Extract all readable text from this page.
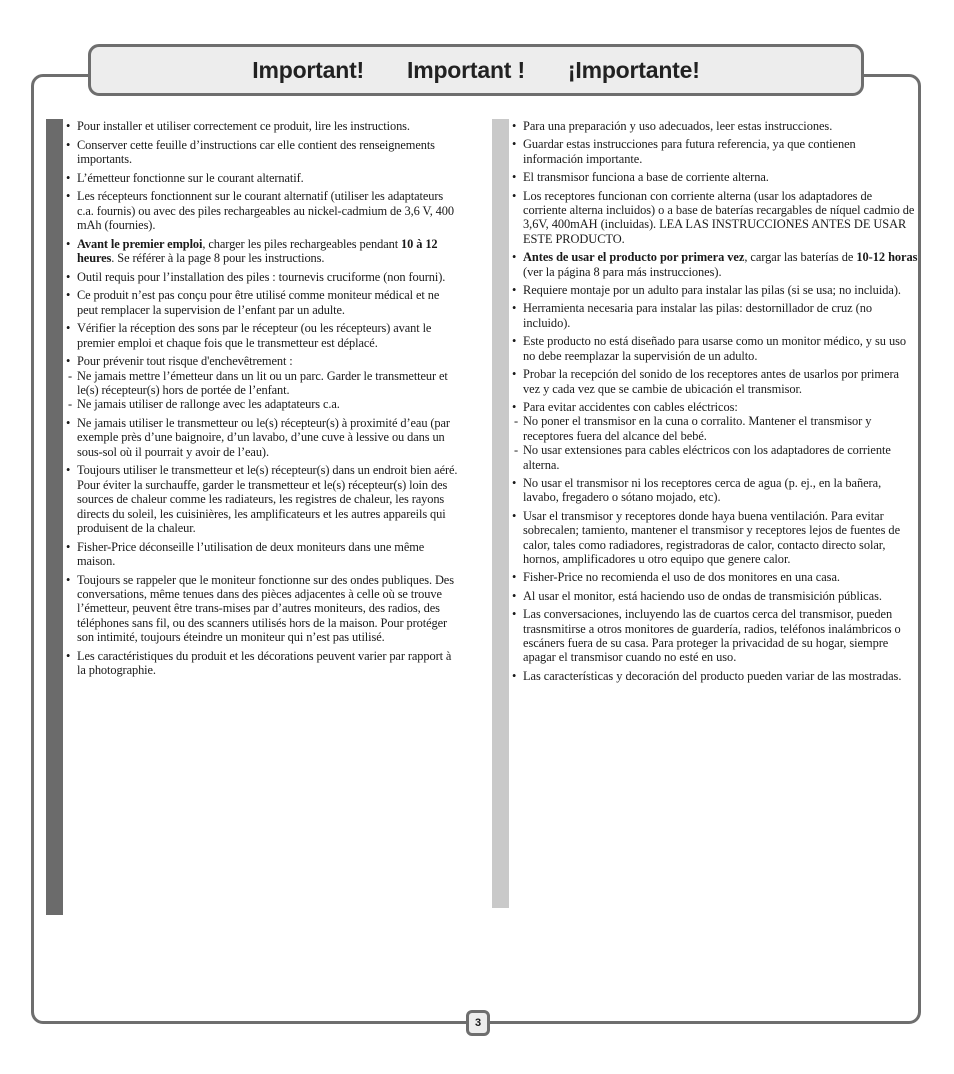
Important! Important ! ¡Importante!
• Pour installer et utiliser correctement ce produit, lire les instructions.
• Conserver cette feuille d’instructions car elle contient des renseignements importants.
• L’émetteur fonctionne sur le courant alternatif.
• Les récepteurs fonctionnent sur le courant alternatif (utiliser les adaptateurs c.a. fournis) ou avec des piles rechargeables au nickel-cadmium de 3,6 V, 400 mAh (fournies).
• Avant le premier emploi, charger les piles rechargeables pendant 10 à 12 heures. Se référer à la page 8 pour les instructions.
• Outil requis pour l’installation des piles : tournevis cruciforme (non fourni).
• Ce produit n’est pas conçu pour être utilisé comme moniteur médical et ne peut remplacer la supervision de l’enfant par un adulte.
• Vérifier la réception des sons par le récepteur (ou les récepteurs) avant le premier emploi et chaque fois que le transmetteur est déplacé.
• Pour prévenir tout risque d'enchevêtrement :
- Ne jamais mettre l’émetteur dans un lit ou un parc. Garder le transmetteur et le(s) récepteur(s) hors de portée de l’enfant.
- Ne jamais utiliser de rallonge avec les adaptateurs c.a.
• Ne jamais utiliser le transmetteur ou le(s) récepteur(s) à proximité d’eau (par exemple près d’une baignoire, d’un lavabo, d’une cuve à lessive ou dans un sous-sol où il pourrait y avoir de l’eau).
• Toujours utiliser le transmetteur et le(s) récepteur(s) dans un endroit bien aéré. Pour éviter la surchauffe, garder le transmetteur et le(s) récepteur(s) loin des sources de chaleur comme les radiateurs, les registres de chaleur, les rayons directs du soleil, les cuisinières, les amplificateurs et les autres appareils qui produisent de la chaleur.
• Fisher-Price déconseille l’utilisation de deux moniteurs dans une même maison.
• Toujours se rappeler que le moniteur fonctionne sur des ondes publiques. Des conversations, même tenues dans des pièces adjacentes à celle où se trouve l’émetteur, peuvent être trans-mises par d’autres moniteurs, des radios, des téléphones sans fil, ou des scanners utilisés hors de la maison. Pour protéger son intimité, toujours éteindre un moniteur qui n’est pas utilisé.
• Les caractéristiques du produit et les décorations peuvent varier par rapport à la photographie.
• Para una preparación y uso adecuados, leer estas instrucciones.
• Guardar estas instrucciones para futura referencia, ya que contienen información importante.
• El transmisor funciona a base de corriente alterna.
• Los receptores funcionan con corriente alterna (usar los adaptadores de corriente alterna incluidos) o a base de baterías recargables de níquel cadmio de 3,6V, 400mAH (incluidas). LEA LAS INSTRUCCIONES ANTES DE USAR ESTE PRODUCTO.
• Antes de usar el producto por primera vez, cargar las baterías de 10-12 horas (ver la página 8 para más instrucciones).
• Requiere montaje por un adulto para instalar las pilas (si se usa; no incluida).
• Herramienta necesaria para instalar las pilas: destornillador de cruz (no incluido).
• Este producto no está diseñado para usarse como un monitor médico, y su uso no debe reemplazar la supervisión de un adulto.
• Probar la recepción del sonido de los receptores antes de usarlos por primera vez y cada vez que se cambie de ubicación el transmisor.
• Para evitar accidentes con cables eléctricos:
- No poner el transmisor en la cuna o corralito. Mantener el transmisor y receptores fuera del alcance del bebé.
- No usar extensiones para cables eléctricos con los adaptadores de corriente alterna.
• No usar el transmisor ni los receptores cerca de agua (p. ej., en la bañera, lavabo, fregadero o sótano mojado, etc).
• Usar el transmisor y receptores donde haya buena ventilación. Para evitar sobrecalen; tamiento, mantener el transmisor y receptores lejos de fuentes de calor, tales como radiadores, registradoras de calor, contacto directo solar, hornos, amplificadores u otro equipo que genere calor.
• Fisher-Price no recomienda el uso de dos monitores en una casa.
• Al usar el monitor, está haciendo uso de ondas de transmisición públicas.
• Las conversaciones, incluyendo las de cuartos cerca del transmisor, pueden trasnsmitirse a otros monitores de guardería, radios, teléfonos inalámbricos o escáners fuera de su casa. Para proteger la privacidad de su hogar, siempre apagar el transmisor cuando no esté en uso.
• Las características y decoración del producto pueden variar de las mostradas.
3
